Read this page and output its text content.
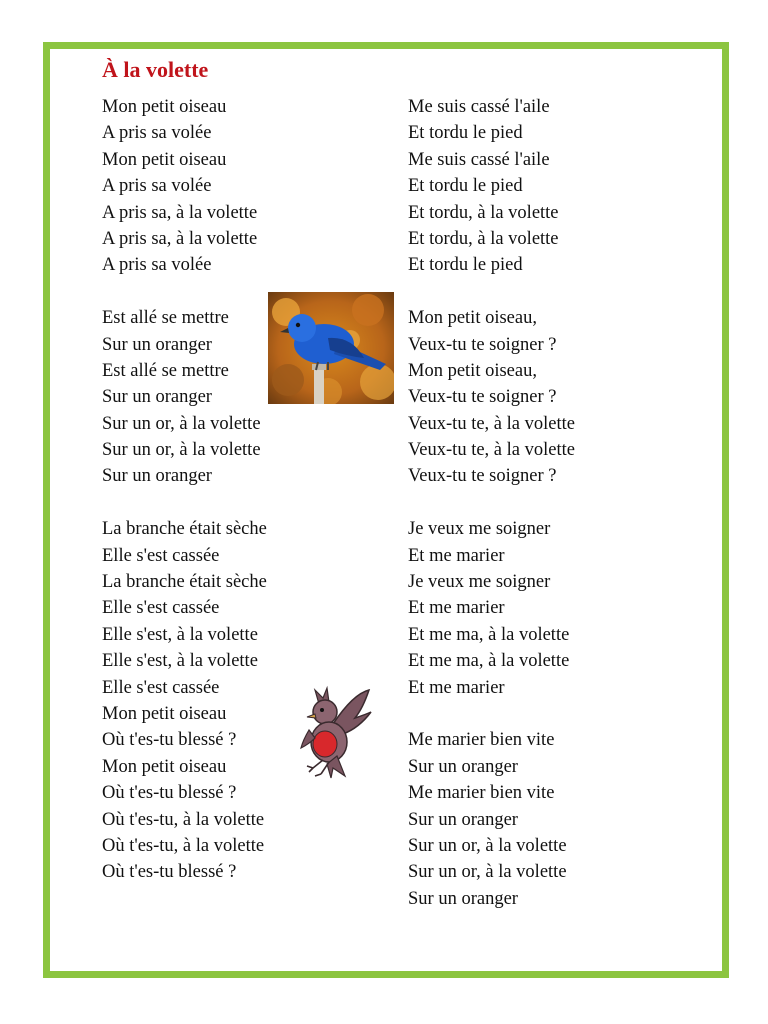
À la volette
Mon petit oiseau
A pris sa volée
Mon petit oiseau
A pris sa volée
A pris sa, à la volette
A pris sa, à la volette
A pris sa volée
Est allé se mettre
Sur un oranger
Est allé se mettre
Sur un oranger
Sur un or, à la volette
Sur un or, à la volette
Sur un oranger
La branche était sèche
Elle s'est cassée
La branche était sèche
Elle s'est cassée
Elle s'est, à la volette
Elle s'est, à la volette
Elle s'est cassée
Mon petit oiseau
Où t'es-tu blessé ?
Mon petit oiseau
Où t'es-tu blessé ?
Où t'es-tu, à la volette
Où t'es-tu, à la volette
Où t'es-tu blessé ?
Me suis cassé l'aile
Et tordu le pied
Me suis cassé l'aile
Et tordu le pied
Et tordu, à la volette
Et tordu, à la volette
Et tordu le pied
Mon petit oiseau,
Veux-tu te soigner ?
Mon petit oiseau,
Veux-tu te soigner ?
Veux-tu te, à la volette
Veux-tu te, à la volette
Veux-tu te soigner ?
Je veux me soigner
Et me marier
Je veux me soigner
Et me marier
Et me ma, à la volette
Et me ma, à la volette
Et me marier
Me marier bien vite
Sur un oranger
Me marier bien vite
Sur un oranger
Sur un or, à la volette
Sur un or, à la volette
Sur un oranger
